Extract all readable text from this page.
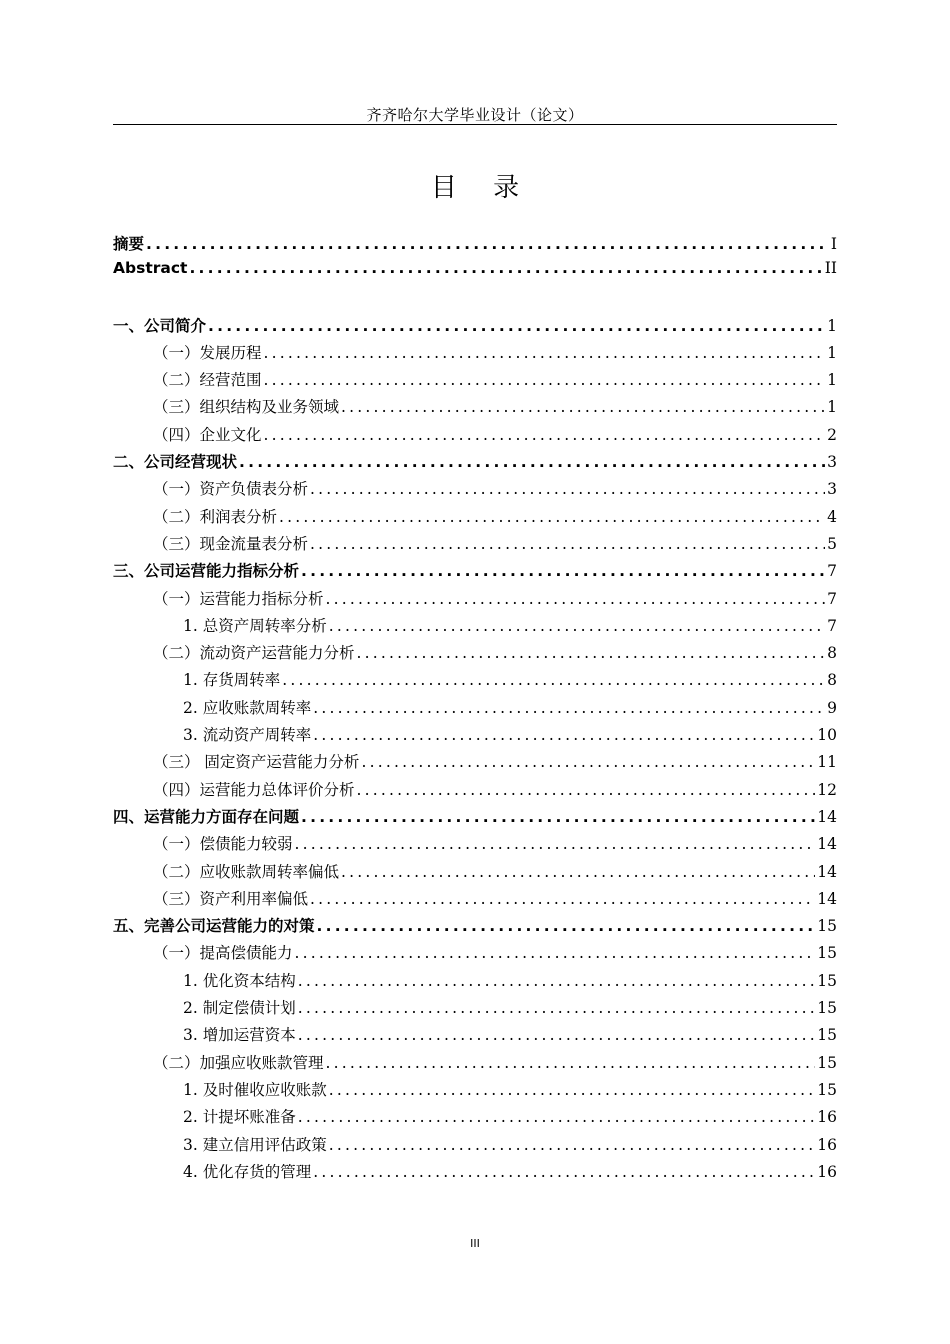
齐齐哈尔大学毕业设计（论文）
目 录
摘要 .....	I
Abstract .....	II
一、公司简介 .....	1
（一）发展历程 .....	1
（二）经营范围 .....	1
（三）组织结构及业务领域 .....	1
（四）企业文化 .....	2
二、公司经营现状 .....	3
（一）资产负债表分析 .....	3
（二）利润表分析 .....	4
（三）现金流量表分析 .....	5
三、公司运营能力指标分析 .....	7
（一）运营能力指标分析 .....	7
1. 总资产周转率分析 .....	7
（二）流动资产运营能力分析 .....	8
1. 存货周转率 .....	8
2. 应收账款周转率 .....	9
3. 流动资产周转率 .....	10
（三） 固定资产运营能力分析 .....	11
（四）运营能力总体评价分析 .....	12
四、运营能力方面存在问题 .....	14
（一）偿债能力较弱 .....	14
（二）应收账款周转率偏低 .....	14
（三）资产利用率偏低 .....	14
五、完善公司运营能力的对策 .....	15
（一）提高偿债能力 .....	15
1. 优化资本结构 .....	15
2. 制定偿债计划 .....	15
3. 增加运营资本 .....	15
（二）加强应收账款管理 .....	15
1. 及时催收应收账款 .....	15
2. 计提坏账准备 .....	16
3. 建立信用评估政策 .....	16
4. 优化存货的管理 .....	16
III
